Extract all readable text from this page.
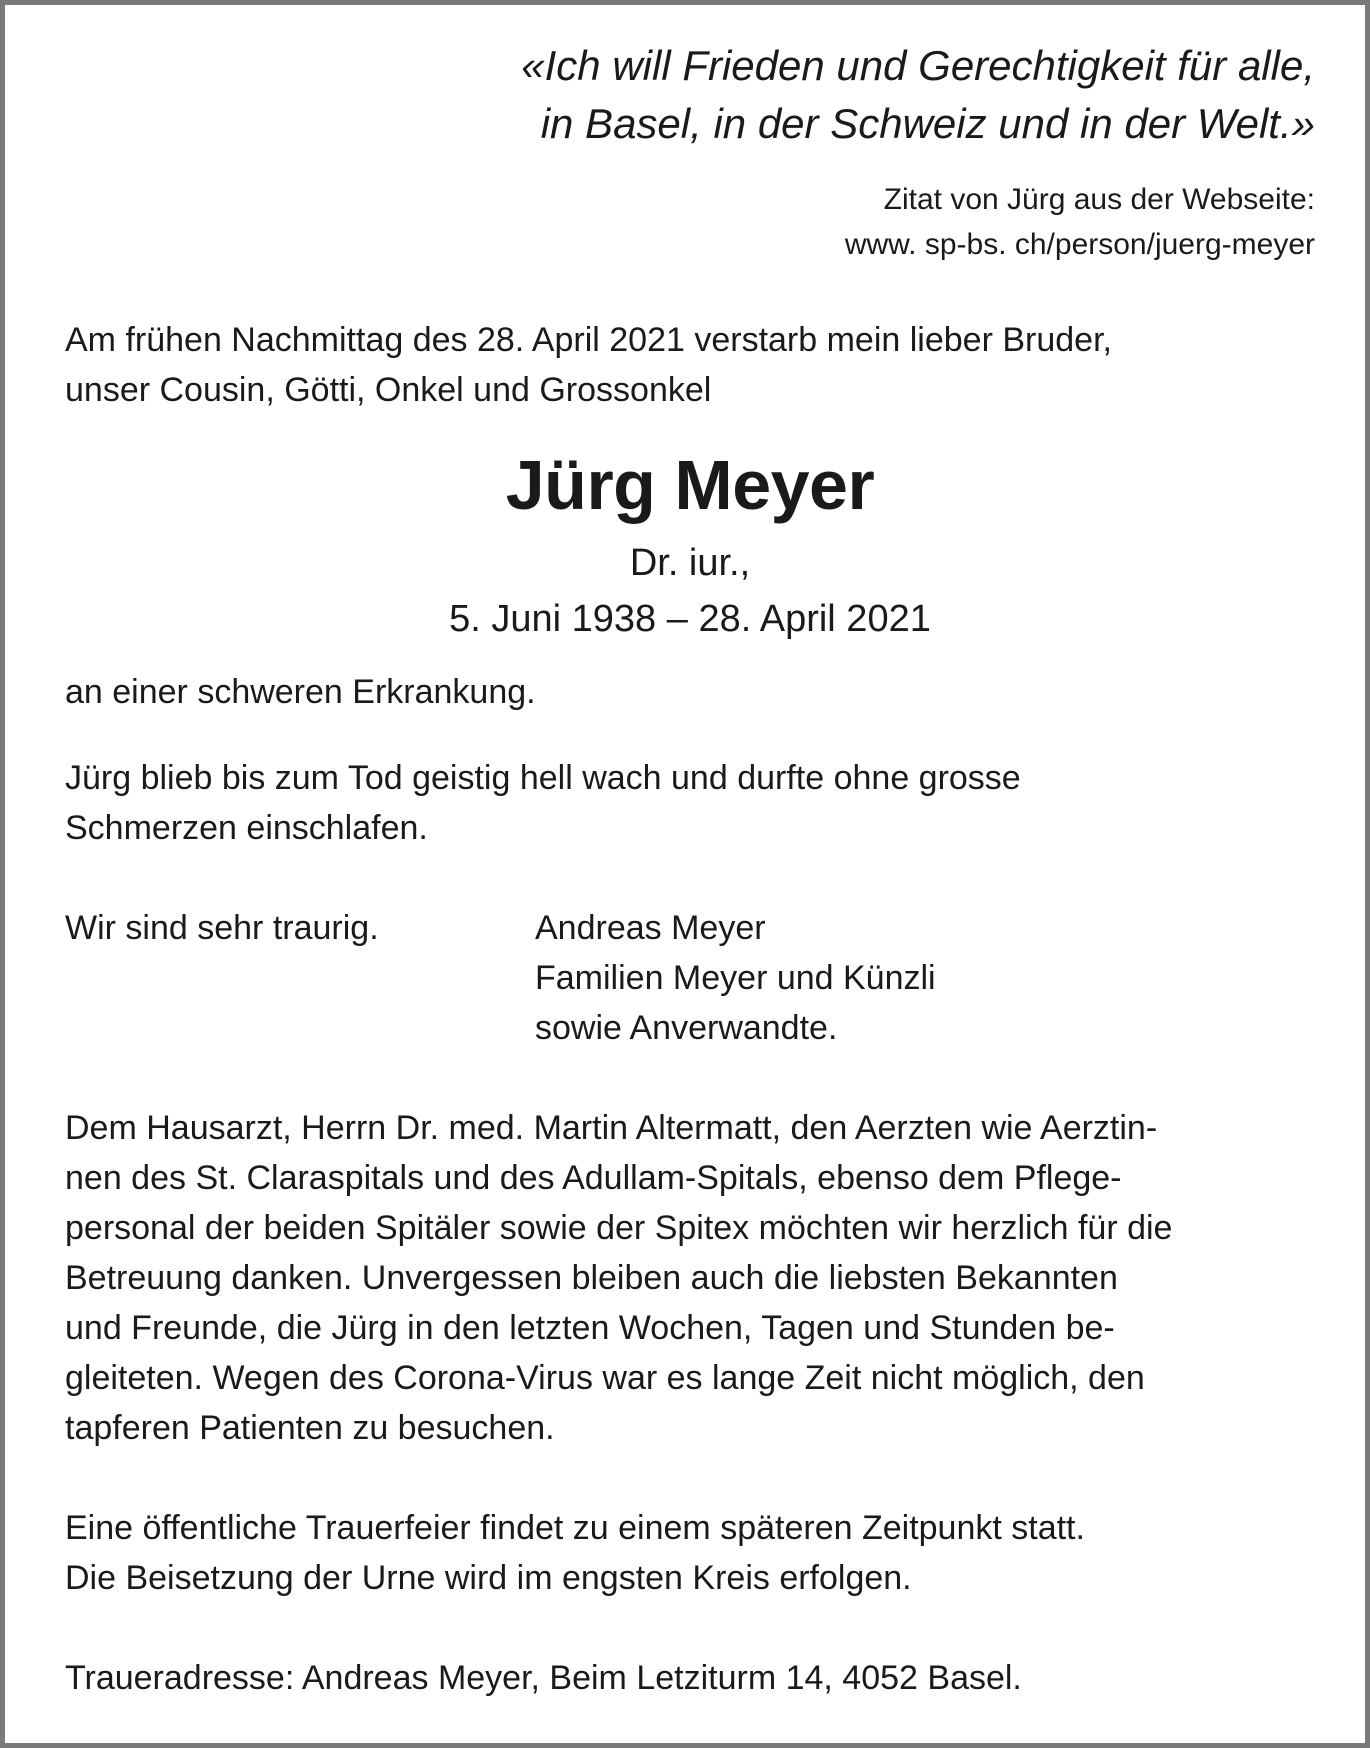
«Ich will Frieden und Gerechtigkeit für alle,
in Basel, in der Schweiz und in der Welt.»
Zitat von Jürg aus der Webseite:
www. sp-bs. ch/person/juerg-meyer
Am frühen Nachmittag des 28. April 2021 verstarb mein lieber Bruder,
unser Cousin, Götti, Onkel und Grossonkel
Jürg Meyer
Dr. iur.,
5. Juni 1938 – 28. April 2021
an einer schweren Erkrankung.
Jürg blieb bis zum Tod geistig hell wach und durfte ohne grosse
Schmerzen einschlafen.
Wir sind sehr traurig.	Andreas Meyer
Familien Meyer und Künzli
sowie Anverwandte.
Dem Hausarzt, Herrn Dr. med. Martin Altermatt, den Aerzten wie Aerztin-
nen des St. Claraspitals und des Adullam-Spitals, ebenso dem Pflege-
personal der beiden Spitäler sowie der Spitex möchten wir herzlich für die
Betreuung danken. Unvergessen bleiben auch die liebsten Bekannten
und Freunde, die Jürg in den letzten Wochen, Tagen und Stunden be-
gleiteten. Wegen des Corona-Virus war es lange Zeit nicht möglich, den
tapferen Patienten zu besuchen.
Eine öffentliche Trauerfeier findet zu einem späteren Zeitpunkt statt.
Die Beisetzung der Urne wird im engsten Kreis erfolgen.
Traueradresse: Andreas Meyer, Beim Letziturm 14, 4052 Basel.
